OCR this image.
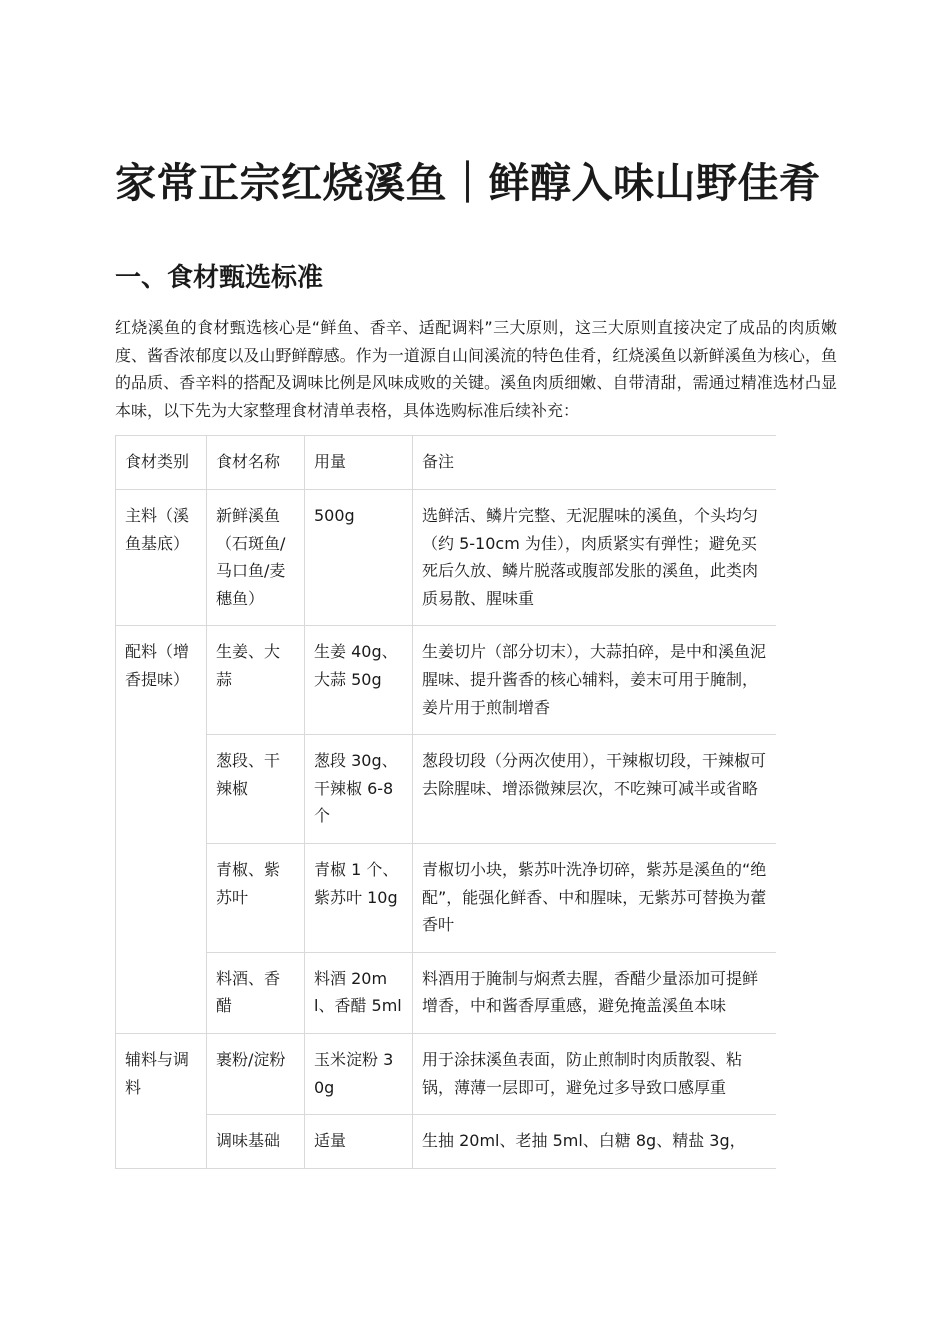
家常正宗红烧溪鱼｜鲜醇入味山野佳肴
一、食材甄选标准

红烧溪鱼的食材甄选核心是“鲜鱼、香辛、适配调料”三大原则，这三大原则直接决定了成品的肉质嫩度、酱香浓郁度以及山野鲜醇感。作为一道源自山间溪流的特色佳肴，红烧溪鱼以新鲜溪鱼为核心，鱼的品质、香辛料的搭配及调味比例是风味成败的关键。溪鱼肉质细嫩、自带清甜，需通过精准选材凸显本味，以下先为大家整理食材清单表格，具体选购标准后续补充：

食材类别	食材名称	用量	备注
主料（溪鱼基底）	新鲜溪鱼（石斑鱼/马口鱼/麦穗鱼）	500g	选鲜活、鳞片完整、无泥腥味的溪鱼，个头均匀（约 5-10cm 为佳），肉质紧实有弹性；避免买死后久放、鳞片脱落或腹部发胀的溪鱼，此类肉质易散、腥味重
配料（增香提味）	生姜、大蒜	生姜 40g、大蒜 50g	生姜切片（部分切末），大蒜拍碎，是中和溪鱼泥腥味、提升酱香的核心辅料，姜末可用于腌制，姜片用于煎制增香
	葱段、干辣椒	葱段 30g、干辣椒 6-8 个	葱段切段（分两次使用），干辣椒切段，干辣椒可去除腥味、增添微辣层次，不吃辣可减半或省略
	青椒、紫苏叶	青椒 1 个、紫苏叶 10g	青椒切小块，紫苏叶洗净切碎，紫苏是溪鱼的“绝配”，能强化鲜香、中和腥味，无紫苏可替换为藿香叶
	料酒、香醋	料酒 20ml、香醋 5ml	料酒用于腌制与焖煮去腥，香醋少量添加可提鲜增香，中和酱香厚重感，避免掩盖溪鱼本味
辅料与调料	裹粉/淀粉	玉米淀粉 30g	用于涂抹溪鱼表面，防止煎制时肉质散裂、粘锅，薄薄一层即可，避免过多导致口感厚重
	调味基础	适量	生抽 20ml、老抽 5ml、白糖 8g、精盐 3g，
